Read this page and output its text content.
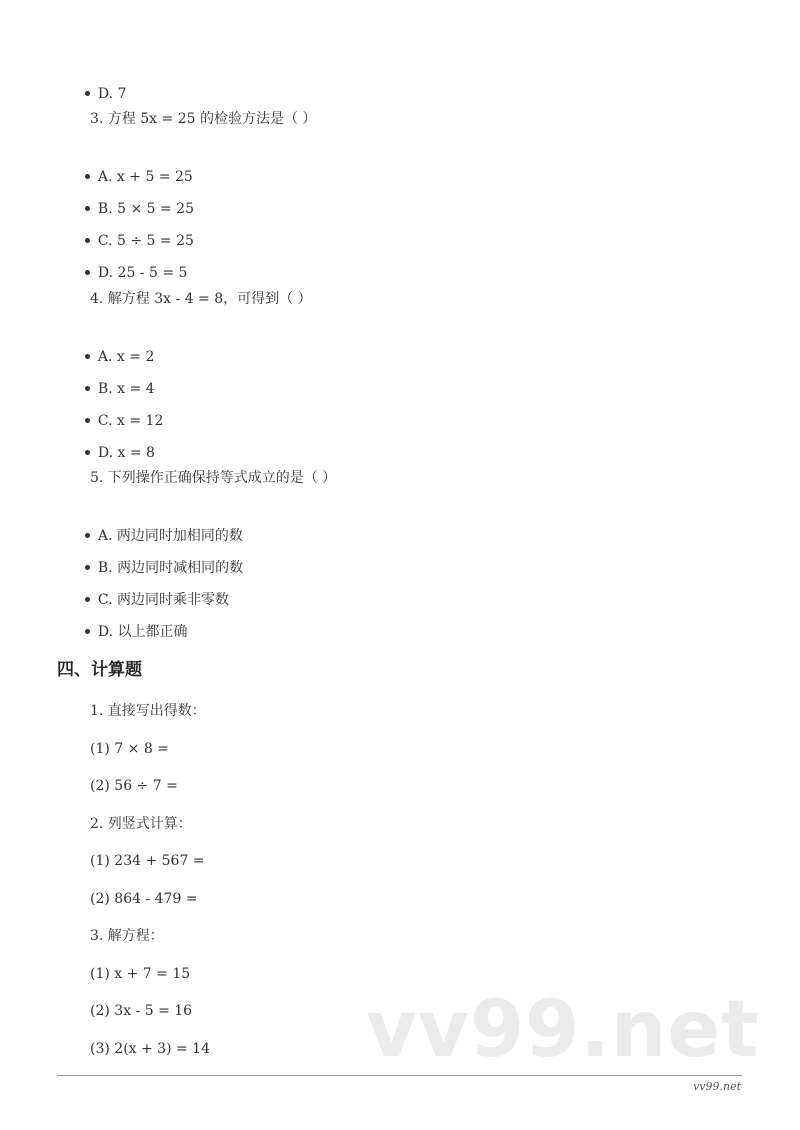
D. 7

3. 方程 5x = 25 的检验方法是（ ）

A. x + 5 = 25

B. 5 × 5 = 25

C. 5 ÷ 5 = 25

D. 25 - 5 = 5

4. 解方程 3x - 4 = 8，可得到（ ）

A. x = 2

B. x = 4

C. x = 12

D. x = 8

5. 下列操作正确保持等式成立的是（ ）

A. 两边同时加相同的数

B. 两边同时减相同的数

C. 两边同时乘非零数

D. 以上都正确

四、计算题
1. 直接写出得数：
(1) 7 × 8 =
(2) 56 ÷ 7 =
2. 列竖式计算：
(1) 234 + 567 =
(2) 864 - 479 =
3. 解方程：
(1) x + 7 = 15
(2) 3x - 5 = 16
(3) 2(x + 3) = 14 vv99.net
vv99.net
